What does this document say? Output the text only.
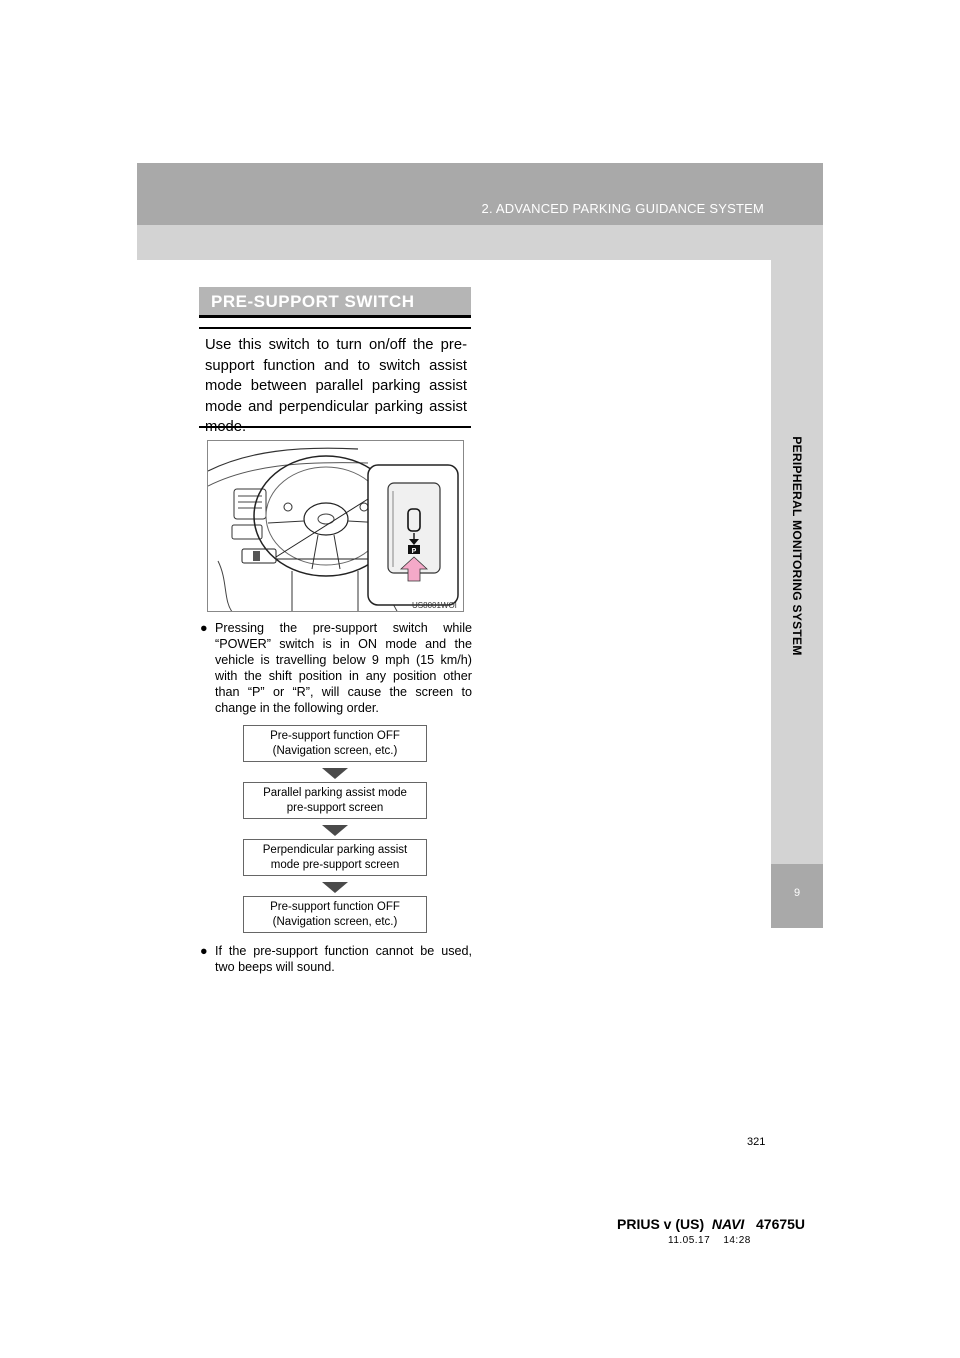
2. ADVANCED PARKING GUIDANCE SYSTEM
PERIPHERAL MONITORING SYSTEM
9
PRE-SUPPORT SWITCH
Use this switch to turn on/off the pre-support function and to switch assist mode between parallel parking assist mode and perpendicular parking assist mode.
P
US8001WOI
● Pressing the pre-support switch while “POWER” switch is in ON mode and the vehicle is travelling below 9 mph (15 km/h) with the shift position in any position other than “P” or “R”, will cause the screen to change in the following order.
Pre-support function OFF
(Navigation screen, etc.)
Parallel parking assist mode
pre-support screen
Perpendicular parking assist
mode pre-support screen
Pre-support function OFF
(Navigation screen, etc.)
● If the pre-support function cannot be used, two beeps will sound.
321
PRIUS v (US) NAVI 47675U
11.05.17 14:28
